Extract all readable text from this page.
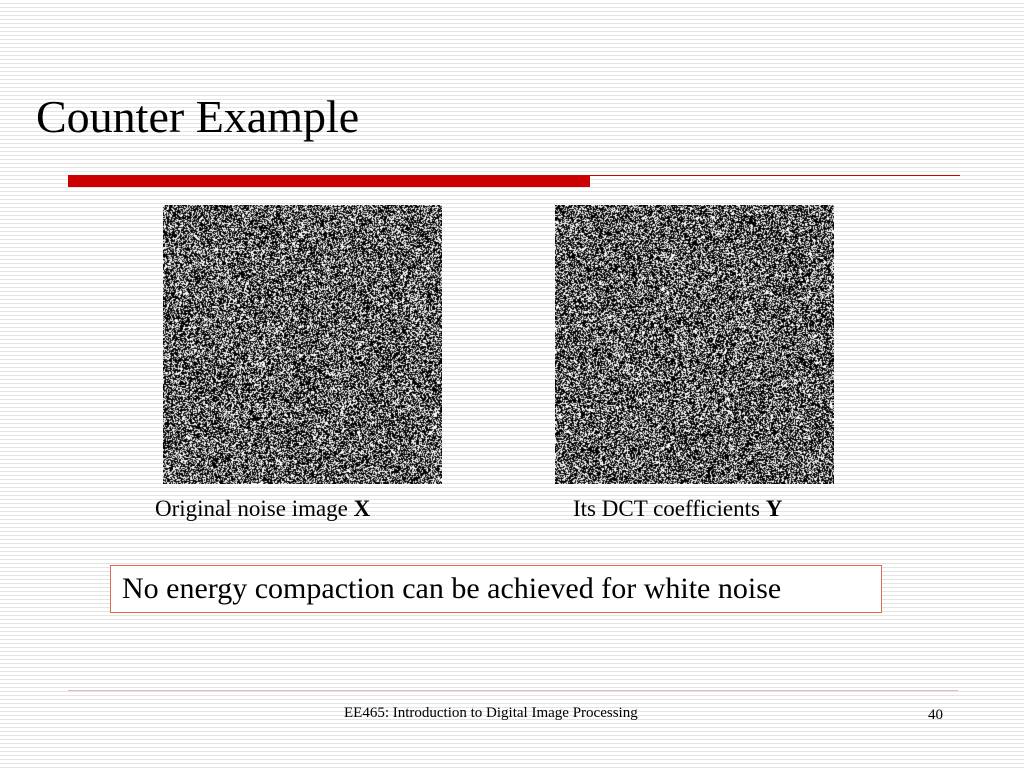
Counter Example
Original noise image X	Its DCT coefficients Y
No energy compaction can be achieved for white noise
EE465: Introduction to Digital Image Processing	40
